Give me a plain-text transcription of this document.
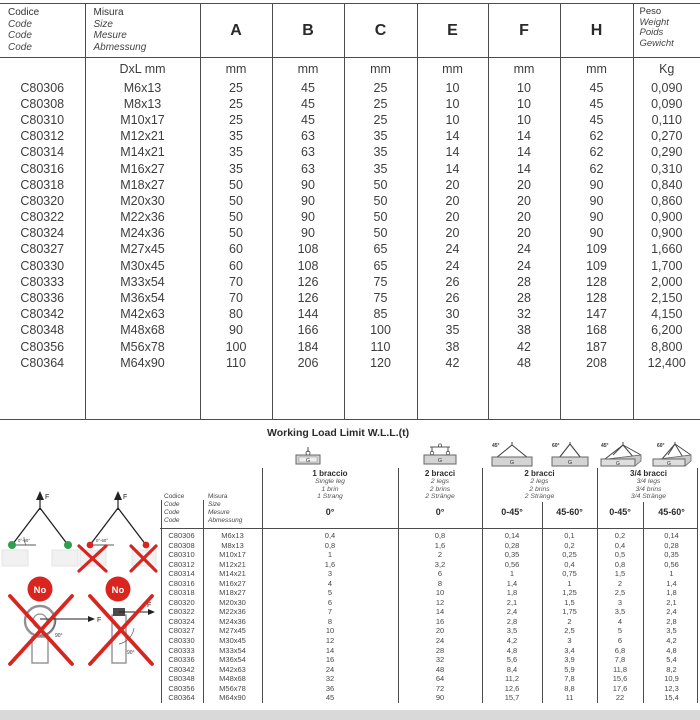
Codice
Code
Code
Code	Misura
Size
Mesure
Abmessung	A	B	C	E	F	H	Peso
Weight
Poids
Gewicht

	DxL mm	mm	mm	mm	mm	mm	mm	Kg
C80306	M6x13	25	45	25	10	10	45	0,090
C80308	M8x13	25	45	25	10	10	45	0,090
C80310	M10x17	25	45	25	10	10	45	0,110
C80312	M12x21	35	63	35	14	14	62	0,270
C80314	M14x21	35	63	35	14	14	62	0,290
C80316	M16x27	35	63	35	14	14	62	0,310
C80318	M18x27	50	90	50	20	20	90	0,840
C80320	M20x30	50	90	50	20	20	90	0,860
C80322	M22x36	50	90	50	20	20	90	0,900
C80324	M24x36	50	90	50	20	20	90	0,900
C80327	M27x45	60	108	65	24	24	109	1,660
C80330	M30x45	60	108	65	24	24	109	1,700
C80333	M33x54	70	126	75	26	28	128	2,000
C80336	M36x54	70	126	75	26	28	128	2,150
C80342	M42x63	80	144	85	30	32	147	4,150
C80348	M48x68	90	166	100	35	38	168	6,200
C80356	M56x78	100	184	110	38	42	187	8,800
C80364	M64x90	110	206	120	42	48	208	12,400

Working Load Limit W.L.L.(t)
G	G
45°
G
60°
G
45°
G
60°
G
1 braccio
Single leg
1 brin
1 Strang
2 bracci
2 legs
2 brins
2 Stränge
2 bracci
2 legs
2 brins
2 Stränge
3/4 bracci
3/4 legs
3/4 brins
3/4 Stränge
Codice
Code
Code
Code
Misura
Size
Mesure
Abmessung
0°	0°	0-45°	45-60°	0-45°	45-60°
C80306	M6x13	0,4	0,8	0,14	0,1	0,2	0,14
C80308	M8x13	0,8	1,6	0,28	0,2	0,4	0,28
C80310	M10x17	1	2	0,35	0,25	0,5	0,35
C80312	M12x21	1,6	3,2	0,56	0,4	0,8	0,56
C80314	M14x21	3	6	1	0,75	1,5	1
C80316	M16x27	4	8	1,4	1	2	1,4
C80318	M18x27	5	10	1,8	1,25	2,5	1,8
C80320	M20x30	6	12	2,1	1,5	3	2,1
C80322	M22x36	7	14	2,4	1,75	3,5	2,4
C80324	M24x36	8	16	2,8	2	4	2,8
C80327	M27x45	10	20	3,5	2,5	5	3,5
C80330	M30x45	12	24	4,2	3	6	4,2
C80333	M33x54	14	28	4,8	3,4	6,8	4,8
C80336	M36x54	16	32	5,6	3,9	7,8	5,4
C80342	M42x63	24	48	8,4	5,9	11,8	8,2
C80348	M48x68	32	64	11,2	7,8	15,6	10,9
C80356	M56x78	36	72	12,6	8,8	17,6	12,3
C80364	M64x90	45	90	15,7	11	22	15,4
F
0°-60°
F
0°-60°
No
F
90°
No
F
90°
